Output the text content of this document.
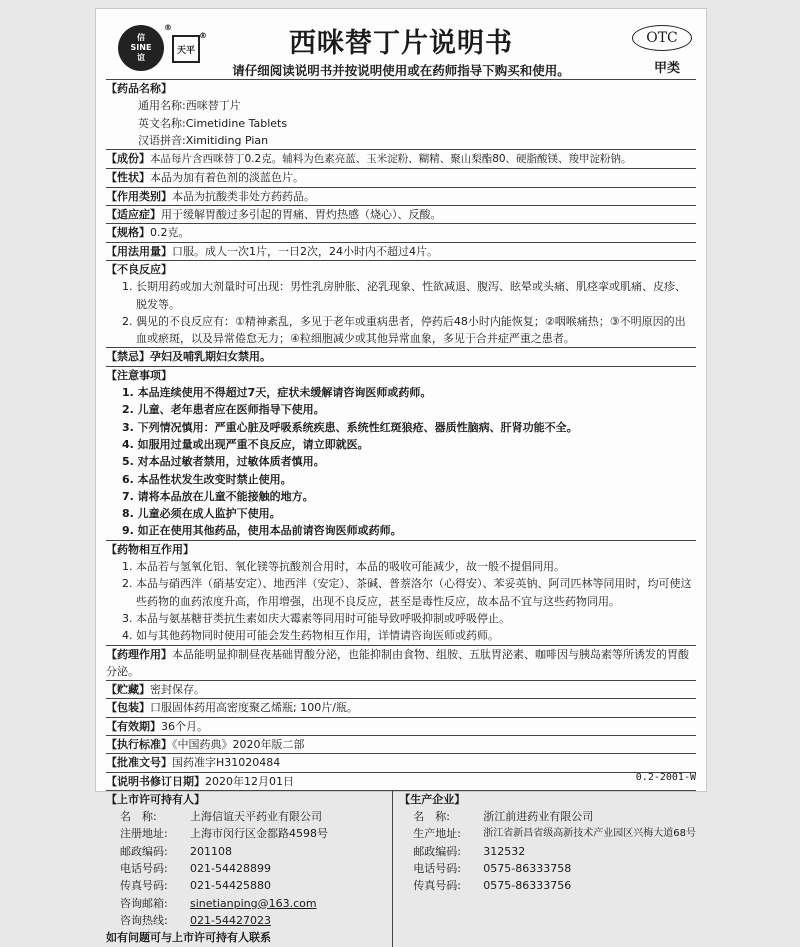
信
SINE
谊
®
天平
®	西咪替丁片说明书
请仔细阅读说明书并按说明使用或在药师指导下购买和使用。
OTC
甲类
【药品名称】
通用名称:西咪替丁片
英文名称:Cimetidine Tablets
汉语拼音:Ximitiding Pian
【成份】本品每片含西咪替丁0.2克。辅料为色素亮蓝、玉米淀粉、糊精、聚山梨酯80、硬脂酸镁、羧甲淀粉钠。
【性状】本品为加有着色剂的淡蓝色片。
【作用类别】本品为抗酸类非处方药药品。
【适应症】用于缓解胃酸过多引起的胃痛、胃灼热感（烧心）、反酸。
【规格】0.2克。
【用法用量】口服。成人一次1片，一日2次，24小时内不超过4片。
【不良反应】
1. 长期用药或加大剂量时可出现：男性乳房肿胀、泌乳现象、性欲减退、腹泻、眩晕或头痛、肌痉挛或肌痛、皮疹、脱发等。
2. 偶见的不良反应有：①精神紊乱，多见于老年或重病患者，停药后48小时内能恢复；②咽喉痛热；③不明原因的出血或瘀斑，以及异常倦怠无力；④粒细胞减少或其他异常血象，多见于合并症严重之患者。
【禁忌】孕妇及哺乳期妇女禁用。
【注意事项】
1. 本品连续使用不得超过7天，症状未缓解请咨询医师或药师。
2. 儿童、老年患者应在医师指导下使用。
3. 下列情况慎用：严重心脏及呼吸系统疾患、系统性红斑狼疮、器质性脑病、肝肾功能不全。
4. 如服用过量或出现严重不良反应，请立即就医。
5. 对本品过敏者禁用，过敏体质者慎用。
6. 本品性状发生改变时禁止使用。
7. 请将本品放在儿童不能接触的地方。
8. 儿童必须在成人监护下使用。
9. 如正在使用其他药品，使用本品前请咨询医师或药师。
【药物相互作用】
1. 本品若与氢氧化铝、氧化镁等抗酸剂合用时，本品的吸收可能减少，故一般不提倡同用。
2. 本品与硝西泮（硝基安定）、地西泮（安定）、茶碱、普萘洛尔（心得安）、苯妥英钠、阿司匹林等同用时，均可使这些药物的血药浓度升高，作用增强，出现不良反应，甚至是毒性反应，故本品不宜与这些药物同用。
3. 本品与氨基糖苷类抗生素如庆大霉素等同用时可能导致呼吸抑制或呼吸停止。
4. 如与其他药物同时使用可能会发生药物相互作用，详情请咨询医师或药师。
【药理作用】本品能明显抑制昼夜基础胃酸分泌，也能抑制由食物、组胺、五肽胃泌素、咖啡因与胰岛素等所诱发的胃酸分泌。
【贮藏】密封保存。
【包装】口服固体药用高密度聚乙烯瓶; 100片/瓶。
【有效期】36个月。
【执行标准】《中国药典》2020年版二部
【批准文号】国药准字H31020484
【说明书修订日期】2020年12月01日
【上市许可持有人】
名　称:	上海信谊天平药业有限公司
注册地址:	上海市闵行区金都路4598号
邮政编码:	201108
电话号码:	021-54428899
传真号码:	021-54425880
咨询邮箱:	sinetianping@163.com
咨询热线:	021-54427023
如有问题可与上市许可持有人联系
【生产企业】
名　称:	浙江前进药业有限公司
生产地址:	浙江省新昌省级高新技术产业园区兴梅大道68号
邮政编码:	312532
电话号码:	0575-86333758
传真号码:	0575-86333756
0.2-2001-W
